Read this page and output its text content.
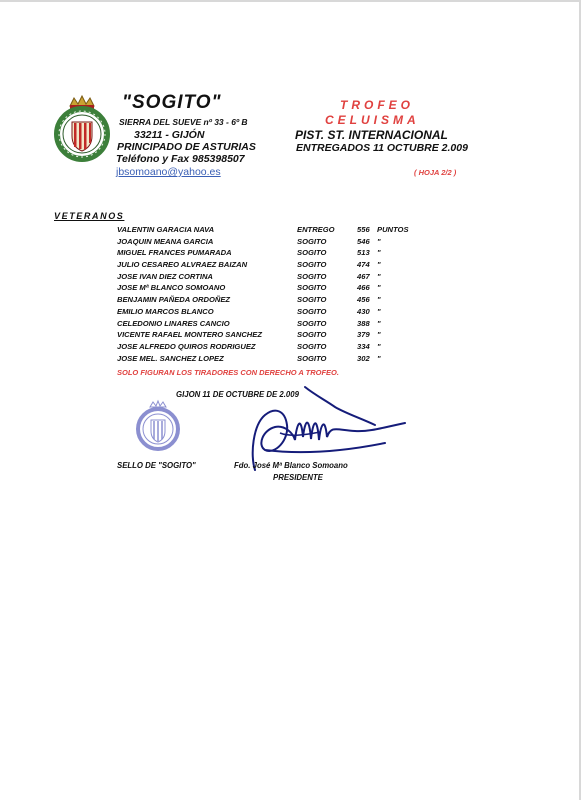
"SOGITO"
SIERRA DEL SUEVE nº 33 - 6º B
33211 - GIJÓN
PRINCIPADO DE ASTURIAS
Teléfono y Fax 985398507
jbsomoano@yahoo.es
TROFEO
CELUISMA
PIST. ST. INTERNACIONAL
ENTREGADOS 11 OCTUBRE 2.009
( HOJA 2/2 )
VETERANOS
VALENTIN GARACIA NAVA	ENTREGO	556 PUNTOS
JOAQUIN MEANA GARCIA	SOGITO	546 "
MIGUEL FRANCES PUMARADA	SOGITO	513 "
JULIO CESAREO ALVRAEZ BAIZAN	SOGITO	474 "
JOSE IVAN DIEZ CORTINA	SOGITO	467 "
JOSE Mª BLANCO SOMOANO	SOGITO	466 "
BENJAMIN PAÑEDA ORDOÑEZ	SOGITO	456 "
EMILIO MARCOS BLANCO	SOGITO	430 "
CELEDONIO LINARES CANCIO	SOGITO	388 "
VICENTE RAFAEL MONTERO SANCHEZ	SOGITO	379 "
JOSE ALFREDO QUIROS RODRIGUEZ	SOGITO	334 "
JOSE MEL. SANCHEZ LOPEZ	SOGITO	302 "
SOLO FIGURAN LOS TIRADORES CON DERECHO A TROFEO.
GIJON 11 DE OCTUBRE DE 2.009
SELLO DE "SOGITO"	Fdo. José Mª Blanco Somoano
PRESIDENTE
